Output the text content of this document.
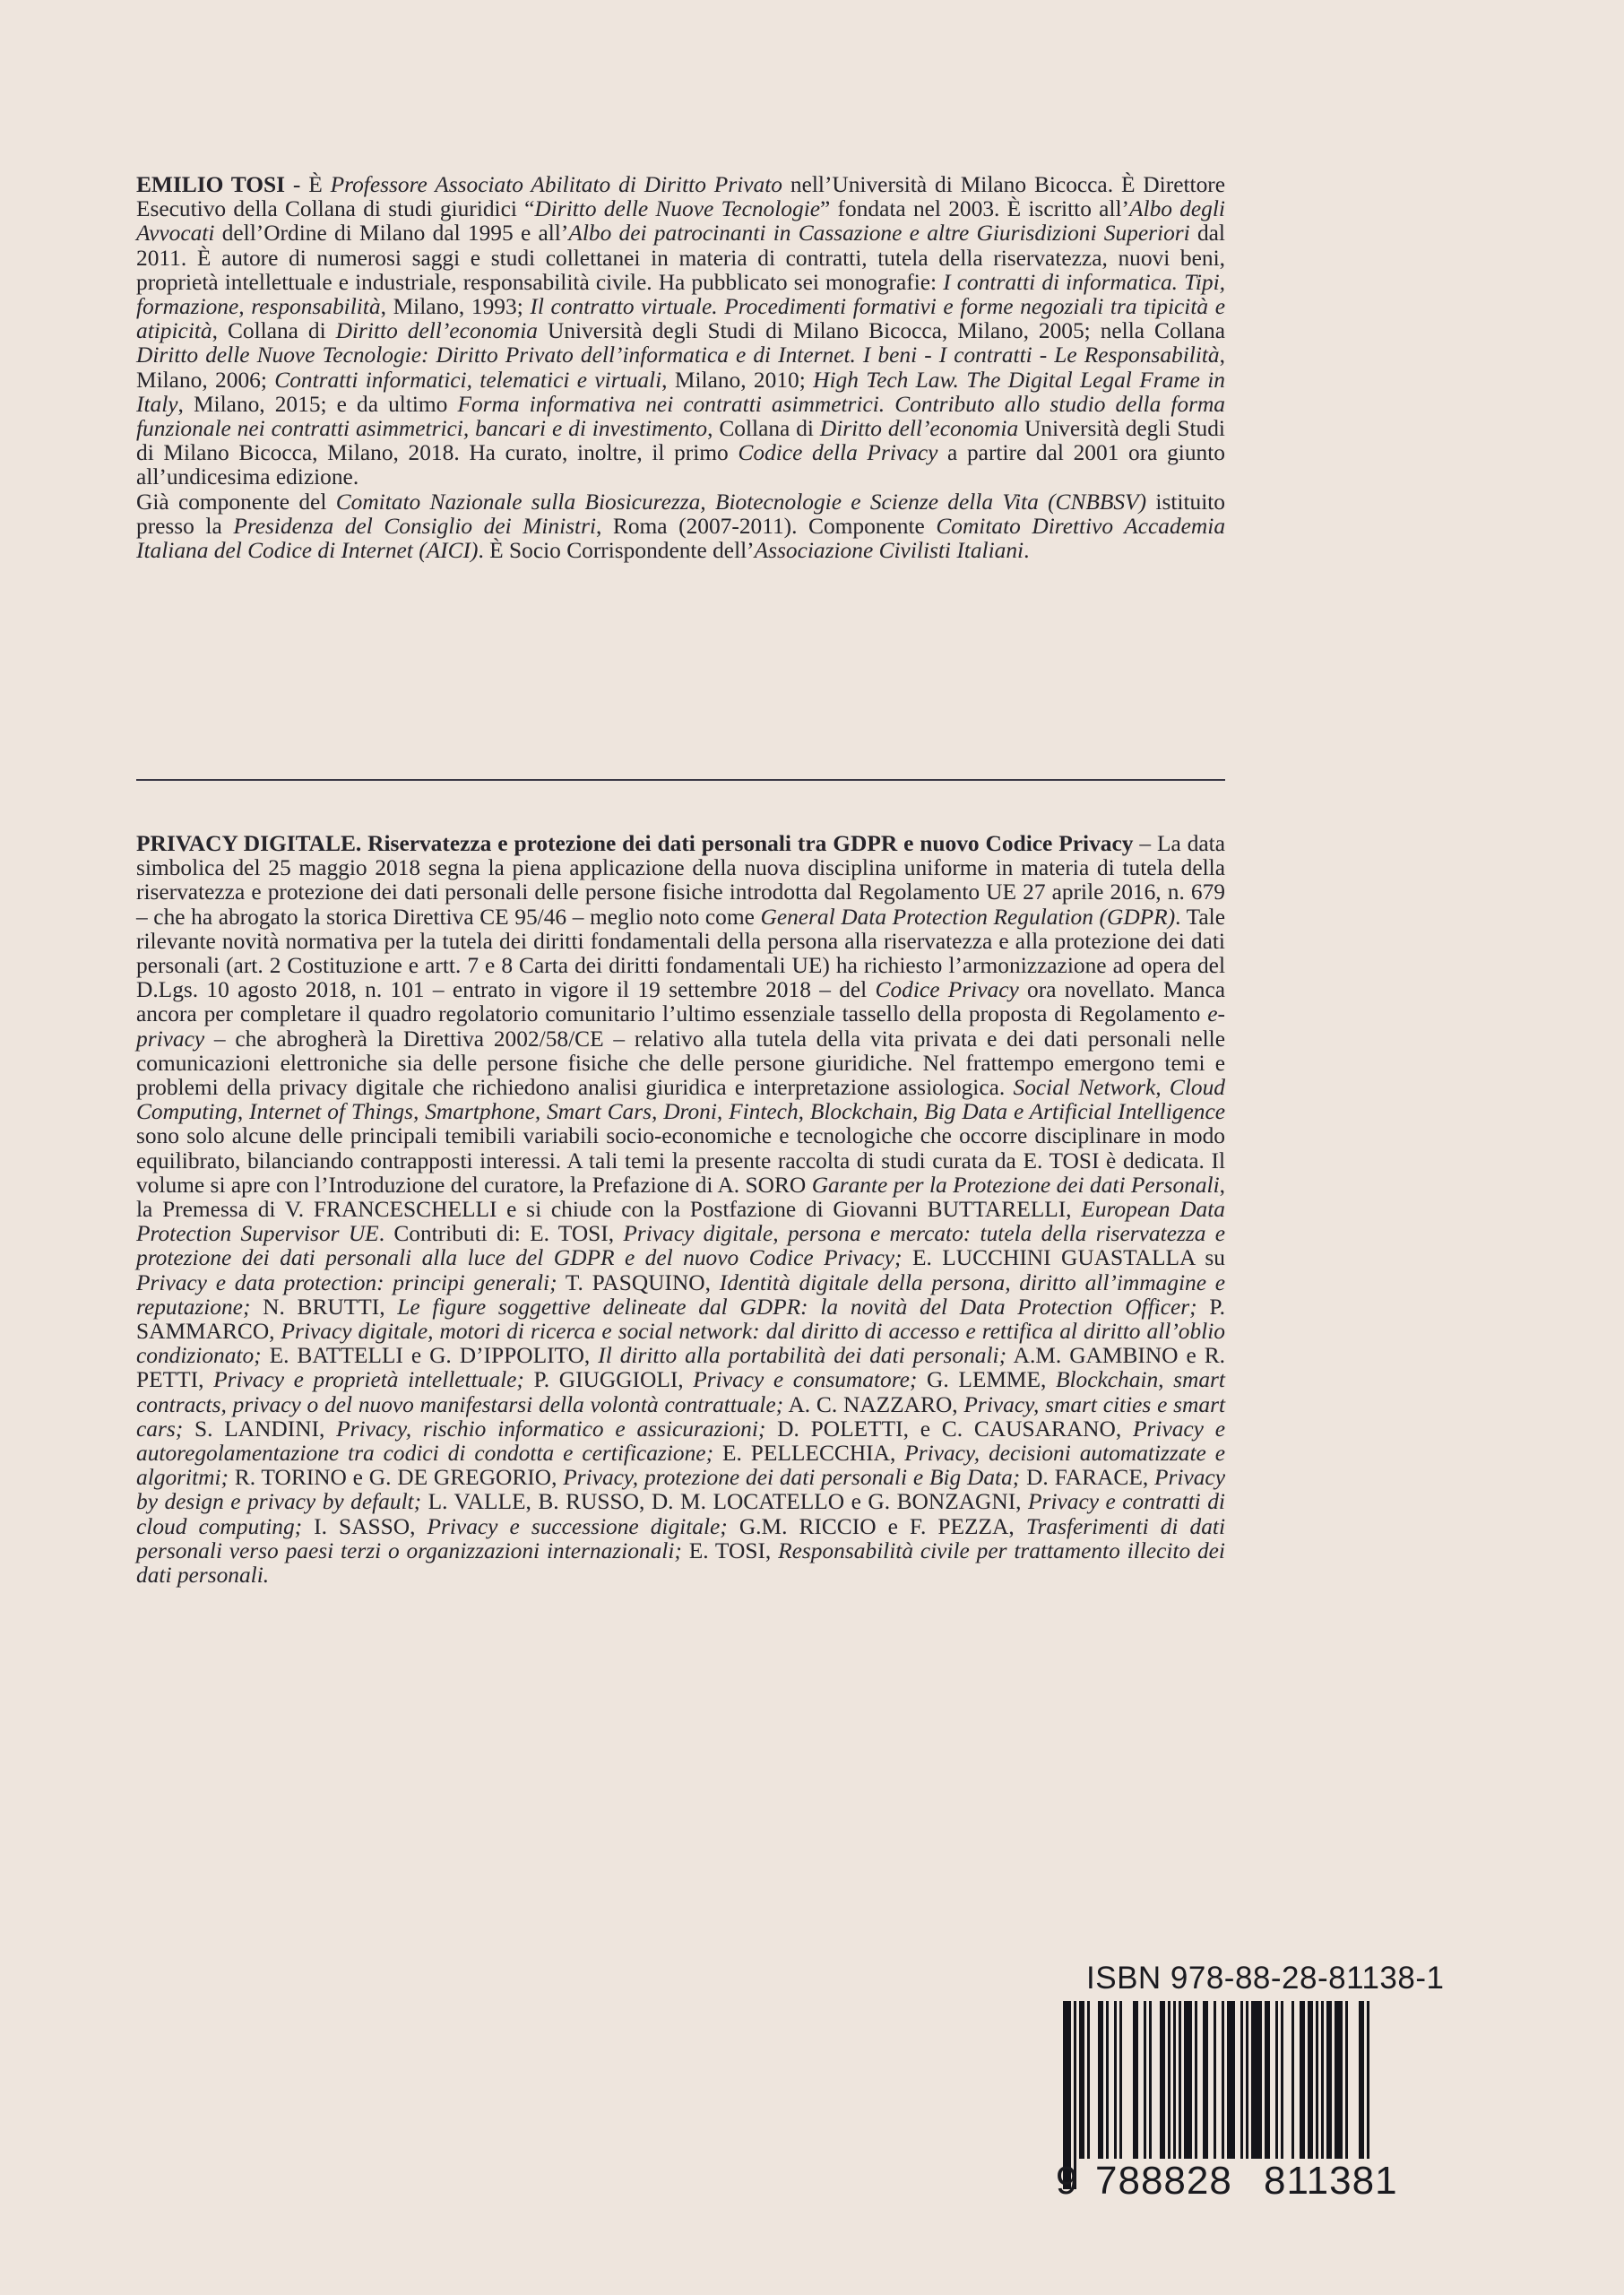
EMILIO TOSI - È Professore Associato Abilitato di Diritto Privato nell’Università di Milano Bicocca. È Direttore Esecutivo della Collana di studi giuridici “Diritto delle Nuove Tecnologie” fondata nel 2003. È iscritto all’Albo degli Avvocati dell’Ordine di Milano dal 1995 e all’Albo dei patrocinanti in Cassazione e altre Giurisdizioni Superiori dal 2011. È autore di numerosi saggi e studi collettanei in materia di contratti, tutela della riservatezza, nuovi beni, proprietà intellettuale e industriale, responsabilità civile. Ha pubblicato sei monografie: I contratti di informatica. Tipi, formazione, responsabilità, Milano, 1993; Il contratto virtuale. Procedimenti formativi e forme negoziali tra tipicità e atipicità, Collana di Diritto dell’economia Università degli Studi di Milano Bicocca, Milano, 2005; nella Collana Diritto delle Nuove Tecnologie: Diritto Privato dell’informatica e di Internet. I beni - I contratti - Le Responsabilità, Milano, 2006; Contratti informatici, telematici e virtuali, Milano, 2010; High Tech Law. The Digital Legal Frame in Italy, Milano, 2015; e da ultimo Forma informativa nei contratti asimmetrici. Contributo allo studio della forma funzionale nei contratti asimmetrici, bancari e di investimento, Collana di Diritto dell’economia Università degli Studi di Milano Bicocca, Milano, 2018. Ha curato, inoltre, il primo Codice della Privacy a partire dal 2001 ora giunto all’undicesima edizione.
Già componente del Comitato Nazionale sulla Biosicurezza, Biotecnologie e Scienze della Vita (CNBBSV) istituito presso la Presidenza del Consiglio dei Ministri, Roma (2007-2011). Componente Comitato Direttivo Accademia Italiana del Codice di Internet (AICI). È Socio Corrispondente dell’Associazione Civilisti Italiani.
PRIVACY DIGITALE. Riservatezza e protezione dei dati personali tra GDPR e nuovo Codice Privacy – La data simbolica del 25 maggio 2018 segna la piena applicazione della nuova disciplina uniforme in materia di tutela della riservatezza e protezione dei dati personali delle persone fisiche introdotta dal Regolamento UE 27 aprile 2016, n. 679 – che ha abrogato la storica Direttiva CE 95/46 – meglio noto come General Data Protection Regulation (GDPR). Tale rilevante novità normativa per la tutela dei diritti fondamentali della persona alla riservatezza e alla protezione dei dati personali (art. 2 Costituzione e artt. 7 e 8 Carta dei diritti fondamentali UE) ha richiesto l’armonizzazione ad opera del D.Lgs. 10 agosto 2018, n. 101 – entrato in vigore il 19 settembre 2018 – del Codice Privacy ora novellato. Manca ancora per completare il quadro regolatorio comunitario l’ultimo essenziale tassello della proposta di Regolamento e-privacy – che abrogherà la Direttiva 2002/58/CE – relativo alla tutela della vita privata e dei dati personali nelle comunicazioni elettroniche sia delle persone fisiche che delle persone giuridiche. Nel frattempo emergono temi e problemi della privacy digitale che richiedono analisi giuridica e interpretazione assiologica. Social Network, Cloud Computing, Internet of Things, Smartphone, Smart Cars, Droni, Fintech, Blockchain, Big Data e Artificial Intelligence sono solo alcune delle principali temibili variabili socio-economiche e tecnologiche che occorre disciplinare in modo equilibrato, bilanciando contrapposti interessi. A tali temi la presente raccolta di studi curata da E. TOSI è dedicata. Il volume si apre con l’Introduzione del curatore, la Prefazione di A. SORO Garante per la Protezione dei dati Personali, la Premessa di V. FRANCESCHELLI e si chiude con la Postfazione di Giovanni BUTTARELLI, European Data Protection Supervisor UE. Contributi di: E. TOSI, Privacy digitale, persona e mercato: tutela della riservatezza e protezione dei dati personali alla luce del GDPR e del nuovo Codice Privacy; E. LUCCHINI GUASTALLA su Privacy e data protection: principi generali; T. PASQUINO, Identità digitale della persona, diritto all’immagine e reputazione; N. BRUTTI, Le figure soggettive delineate dal GDPR: la novità del Data Protection Officer; P. SAMMARCO, Privacy digitale, motori di ricerca e social network: dal diritto di accesso e rettifica al diritto all’oblio condizionato; E. BATTELLI e G. D’IPPOLITO, Il diritto alla portabilità dei dati personali; A.M. GAMBINO e R. PETTI, Privacy e proprietà intellettuale; P. GIUGGIOLI, Privacy e consumatore; G. LEMME, Blockchain, smart contracts, privacy o del nuovo manifestarsi della volontà contrattuale; A. C. NAZZARO, Privacy, smart cities e smart cars; S. LANDINI, Privacy, rischio informatico e assicurazioni; D. POLETTI, e C. CAUSARANO, Privacy e autoregolamentazione tra codici di condotta e certificazione; E. PELLECCHIA, Privacy, decisioni automatizzate e algoritmi; R. TORINO e G. DE GREGORIO, Privacy, protezione dei dati personali e Big Data; D. FARACE, Privacy by design e privacy by default; L. VALLE, B. RUSSO, D. M. LOCATELLO e G. BONZAGNI, Privacy e contratti di cloud computing; I. SASSO, Privacy e successione digitale; G.M. RICCIO e F. PEZZA, Trasferimenti di dati personali verso paesi terzi o organizzazioni internazionali; E. TOSI, Responsabilità civile per trattamento illecito dei dati personali.
ISBN 978-88-28-81138-1
9 788828 811381
